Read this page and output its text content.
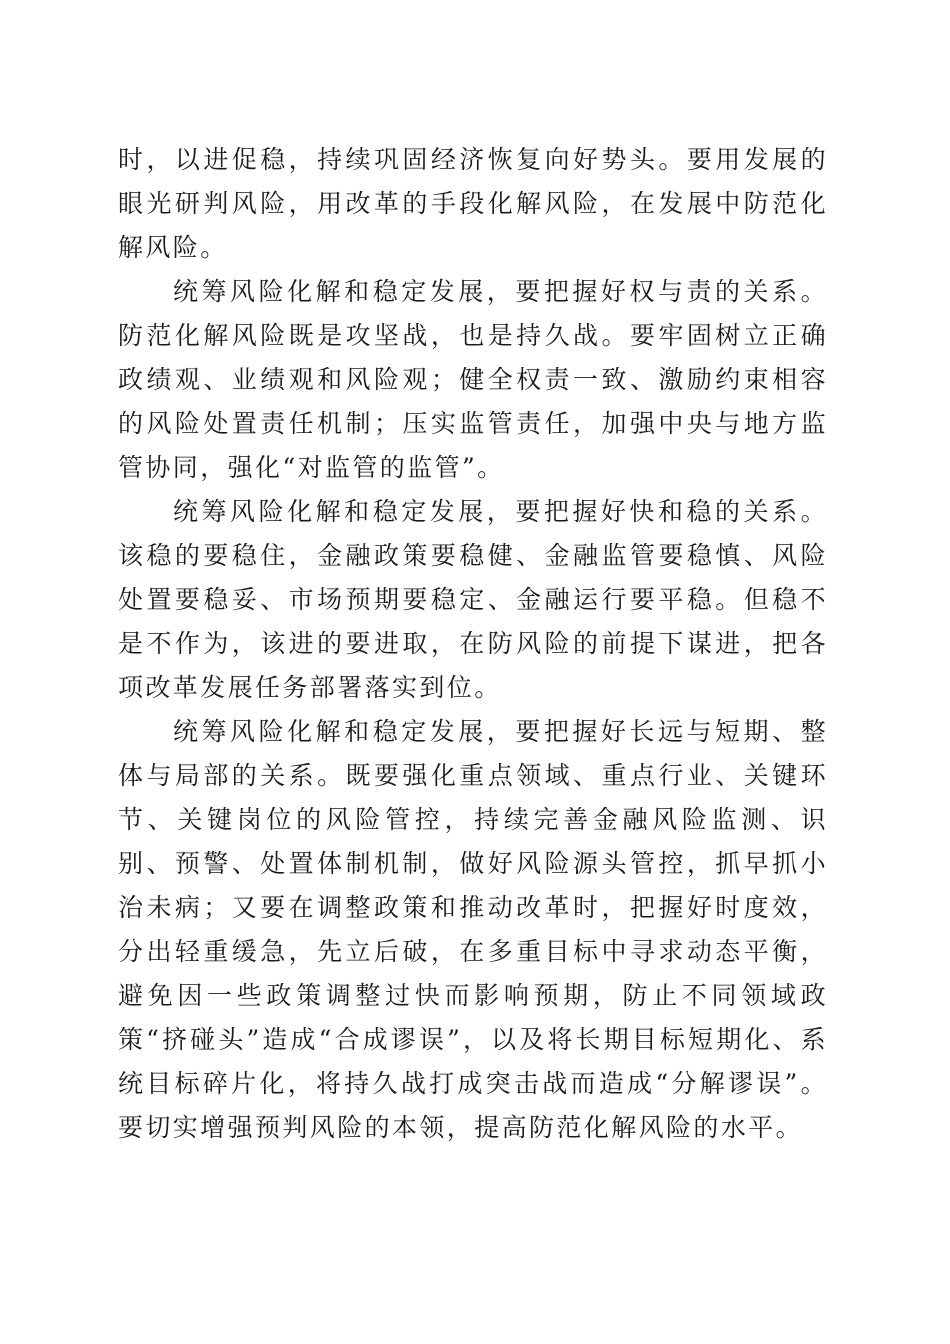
时，以进促稳，持续巩固经济恢复向好势头。要用发展的眼光研判风险，用改革的手段化解风险，在发展中防范化解风险。

统筹风险化解和稳定发展，要把握好权与责的关系。防范化解风险既是攻坚战，也是持久战。要牢固树立正确政绩观、业绩观和风险观；健全权责一致、激励约束相容的风险处置责任机制；压实监管责任，加强中央与地方监管协同，强化“对监管的监管”。

统筹风险化解和稳定发展，要把握好快和稳的关系。该稳的要稳住，金融政策要稳健、金融监管要稳慎、风险处置要稳妥、市场预期要稳定、金融运行要平稳。但稳不是不作为，该进的要进取，在防风险的前提下谋进，把各项改革发展任务部署落实到位。

统筹风险化解和稳定发展，要把握好长远与短期、整体与局部的关系。既要强化重点领域、重点行业、关键环节、关键岗位的风险管控，持续完善金融风险监测、识别、预警、处置体制机制，做好风险源头管控，抓早抓小治未病；又要在调整政策和推动改革时，把握好时度效，分出轻重缓急，先立后破，在多重目标中寻求动态平衡，避免因一些政策调整过快而影响预期，防止不同领域政策“挤碰头”造成“合成谬误”，以及将长期目标短期化、系统目标碎片化，将持久战打成突击战而造成“分解谬误”。要切实增强预判风险的本领，提高防范化解风险的水平。
